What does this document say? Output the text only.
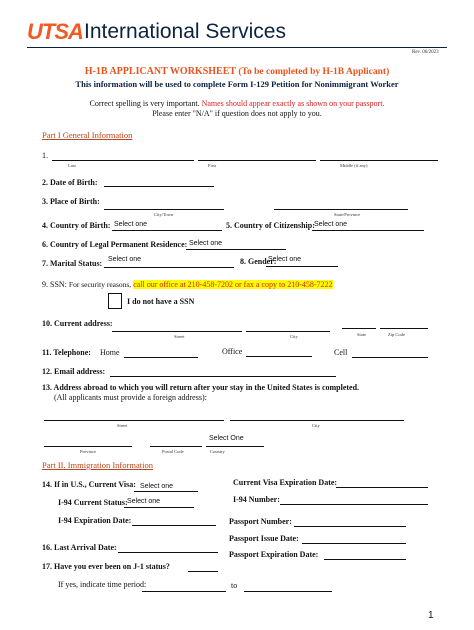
UTSA International Services
Rev. 06/2023
H-1B APPLICANT WORKSHEET (To be completed by H-1B Applicant)
This information will be used to complete Form I-129 Petition for Nonimmigrant Worker
Correct spelling is very important. Names should appear exactly as shown on your passport.
Please enter "N/A" if question does not apply to you.
Part I General Information
1.
Last	First	Middle (if any)
2. Date of Birth:
3. Place of Birth:
City/Town	State/Province
4. Country of Birth: Select one	5. Country of Citizenship: Select one
6. Country of Legal Permanent Residence: Select one
7. Marital Status: Select one	8. Gender:
Select one
9. SSN: For security reasons, call our office at 210-458-7202 or fax a copy to 210-458-7222
I do not have a SSN
10. Current address:
Street	City	State	Zip Code
11. Telephone: Home	Office	Cell
12. Email address:
13. Address abroad to which you will return after your stay in the United States is completed.
(All applicants must provide a foreign address):
Street	City
Select One
Province	Postal Code	Country
Part II. Immigration Information
14. If in U.S., Current Visa: Select one	Current Visa Expiration Date:
I-94 Current Status: Select one	I-94 Number:
I-94 Expiration Date:	Passport Number:
Passport Issue Date:
16. Last Arrival Date:
Passport Expiration Date:
17. Have you ever been on J-1 status?
If yes, indicate time period:	to
1
